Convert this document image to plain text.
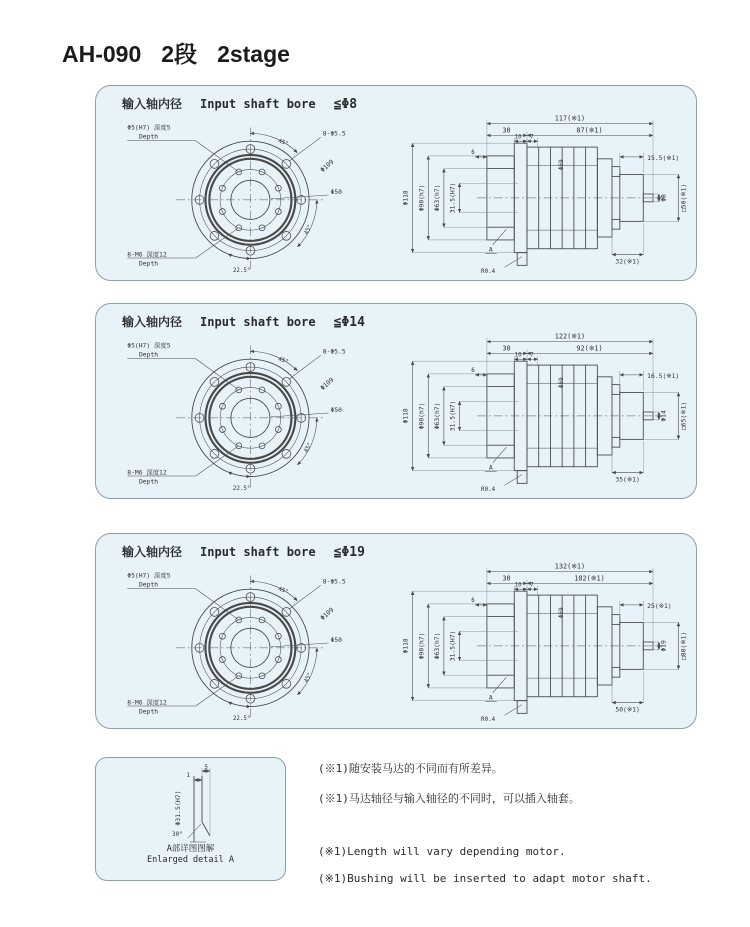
AH-090 2段 2stage
输入轴内径 Input shaft bore ≦Φ8
Φ5(H7) 深度5
Depth	8-Φ5.5
Φ109
Φ50
45°
45°
22.5°
8-M6 深度12
Depth
117(※1)
30	87(※1)
10 7
6
Φ69
15.5(※1)
Φ118 Φ90(h7) Φ63(h7) 31.5(H7)	Φ8 □50(※1)
32(※1)
A
R0.4
输入轴内径 Input shaft bore ≦Φ14
Φ5(H7) 深度5
Depth	8-Φ5.5
Φ109
Φ50
45°
45°
22.5°
8-M6 深度12
Depth
122(※1)
30	92(※1)
10 7
6
Φ69
16.5(※1)
Φ118 Φ90(h7) Φ63(h7) 31.5(H7)	Φ14 □65(※1)
35(※1)
A
R0.4
输入轴内径 Input shaft bore ≦Φ19
Φ5(H7) 深度5
Depth	8-Φ5.5
Φ109
Φ50
45°
45°
22.5°
8-M6 深度12
Depth
132(※1)
30	102(※1)
10 7
6
Φ69
25(※1)
Φ118 Φ90(h7) Φ63(h7) 31.5(H7)	Φ19 □80(※1)
50(※1)
A
R0.4
Φ31.5(H7)
5
1
30°
A部详图图解
Enlarged detail A

(※1)随安装马达的不同而有所差异。

(※1)马达轴径与输入轴径的不同时，可以插入轴套。

(※1)Length will vary depending motor.

(※1)Bushing will be inserted to adapt motor shaft.
